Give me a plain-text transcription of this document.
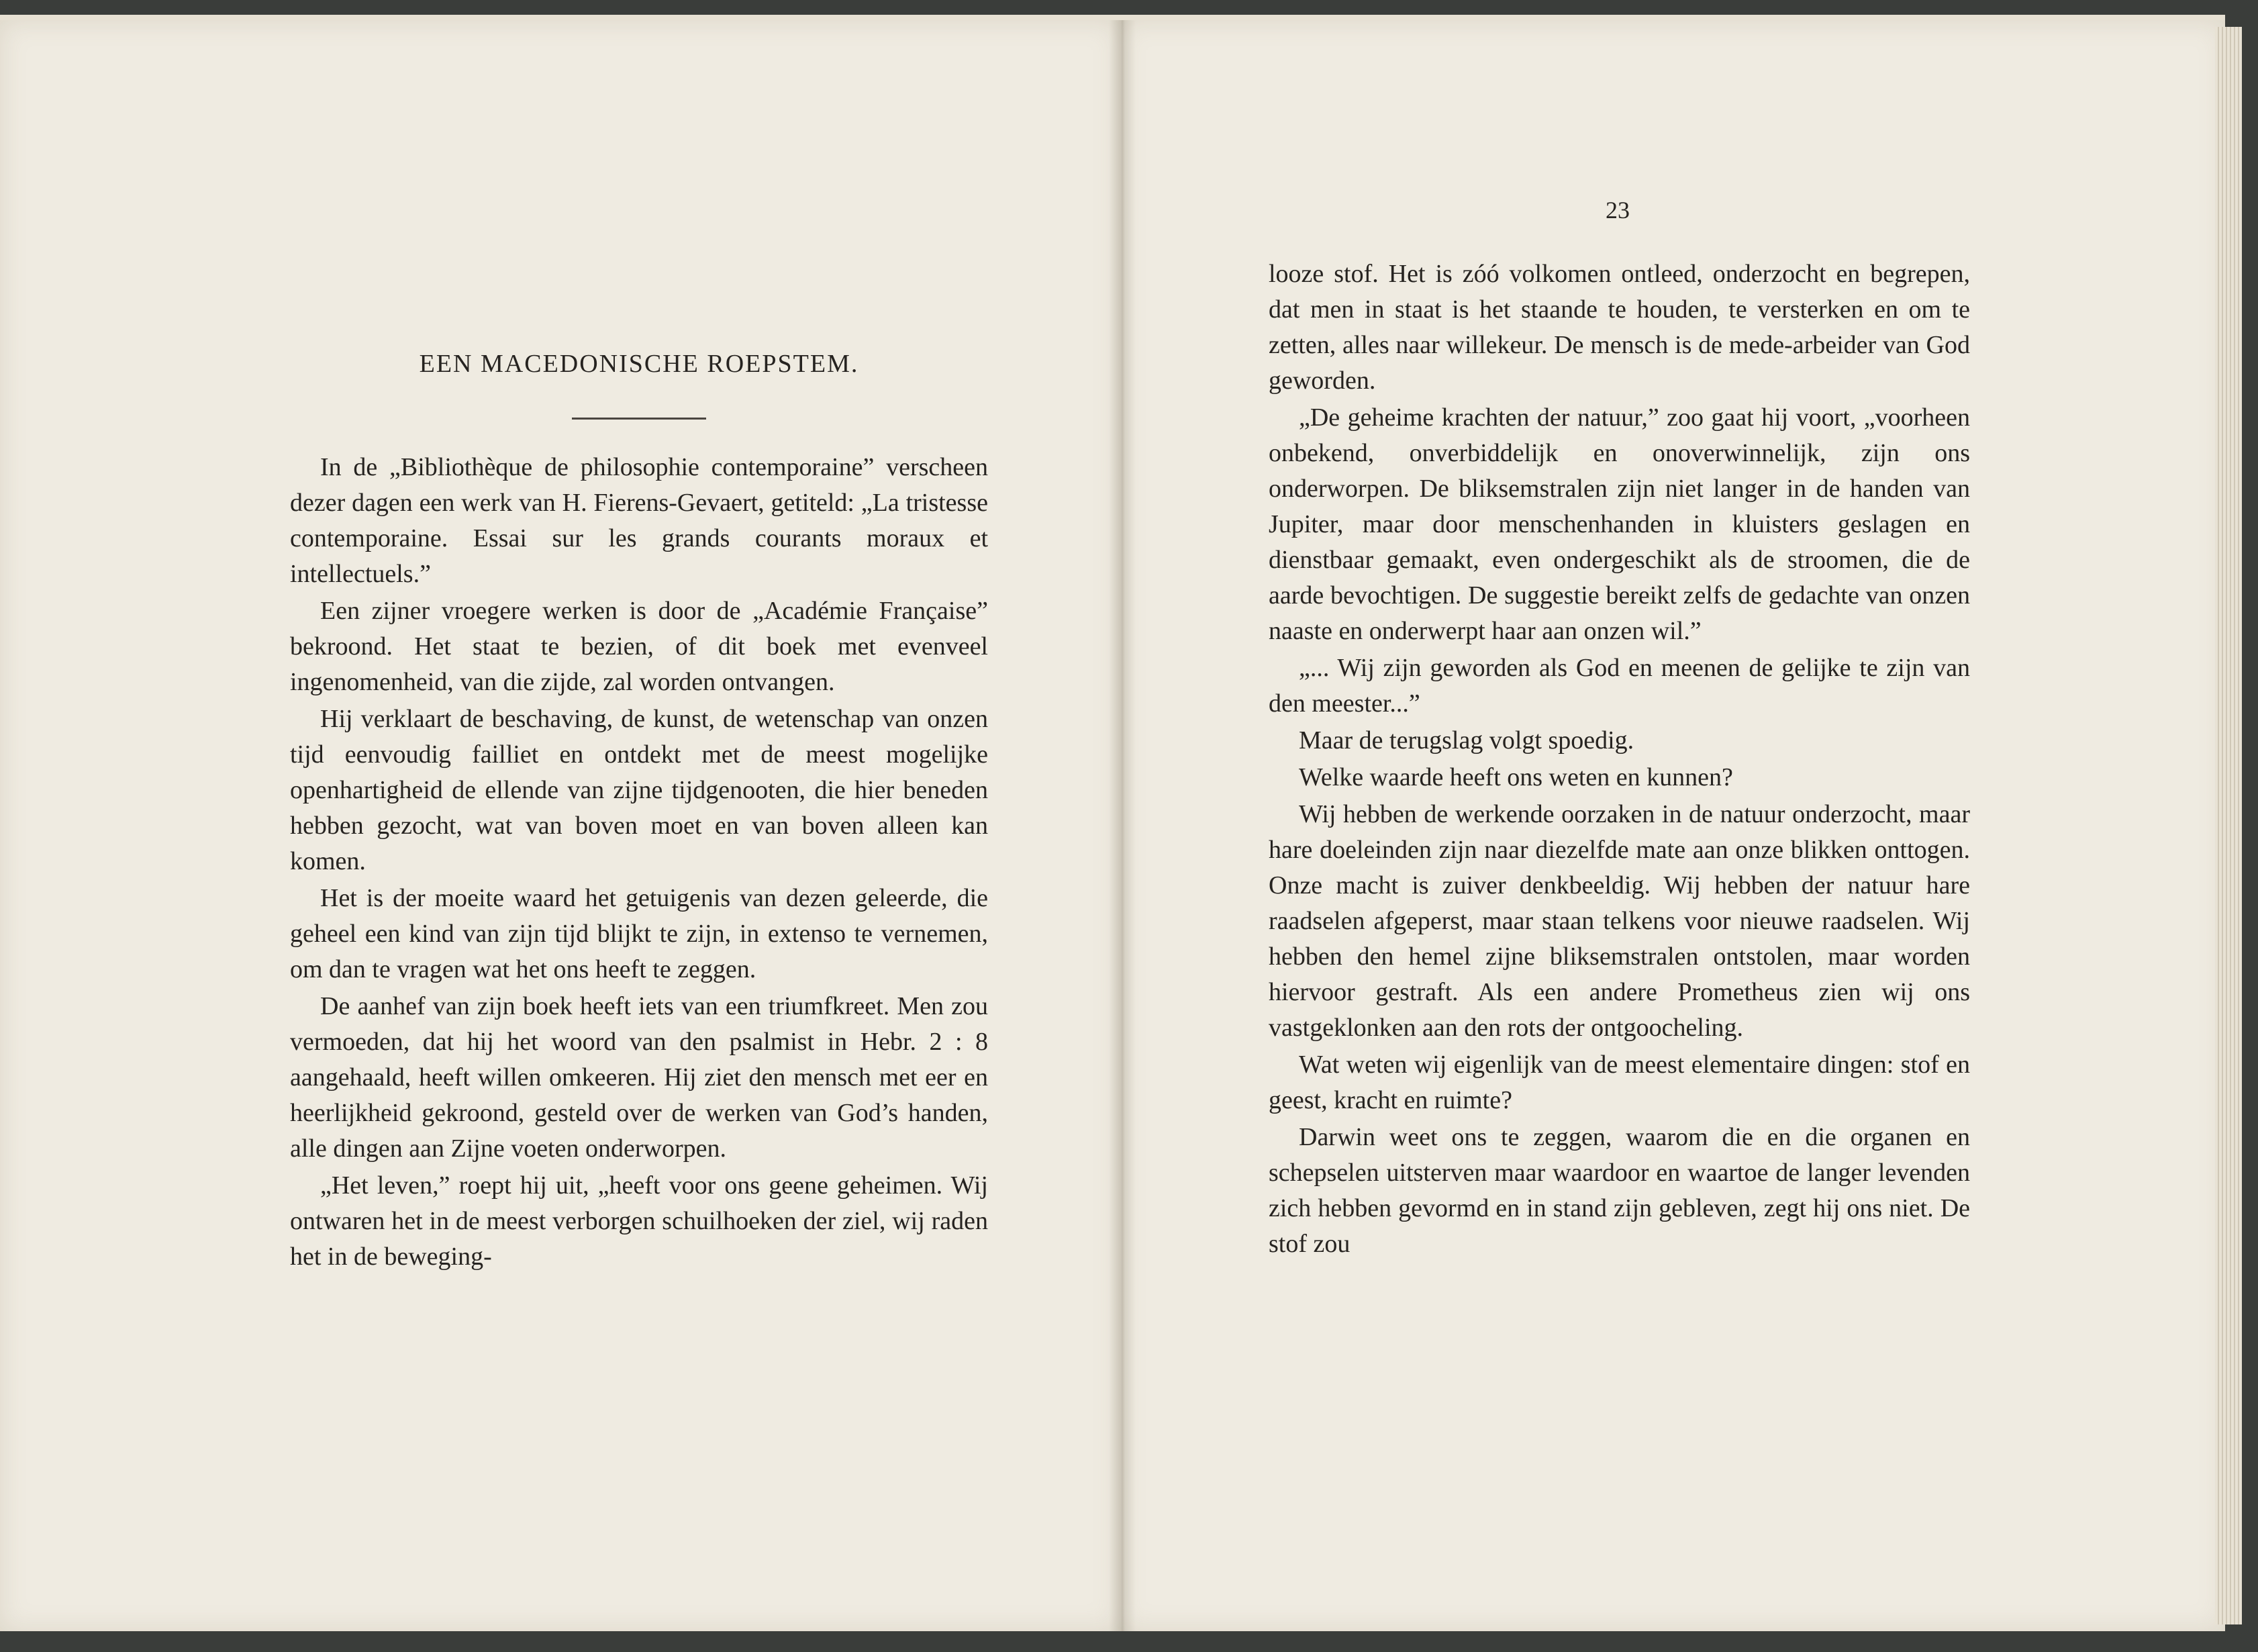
EEN MACEDONISCHE ROEPSTEM.

In de „Bibliothèque de philosophie contemporaine” verscheen dezer dagen een werk van H. Fierens-Gevaert, getiteld: „La tristesse contemporaine. Essai sur les grands courants moraux et intellectuels.”

Een zijner vroegere werken is door de „Académie Française” bekroond. Het staat te bezien, of dit boek met evenveel ingenomenheid, van die zijde, zal worden ontvangen.

Hij verklaart de beschaving, de kunst, de wetenschap van onzen tijd eenvoudig failliet en ontdekt met de meest mogelijke openhartigheid de ellende van zijne tijdgenooten, die hier beneden hebben gezocht, wat van boven moet en van boven alleen kan komen.

Het is der moeite waard het getuigenis van dezen geleerde, die geheel een kind van zijn tijd blijkt te zijn, in extenso te vernemen, om dan te vragen wat het ons heeft te zeggen.

De aanhef van zijn boek heeft iets van een triumfkreet. Men zou vermoeden, dat hij het woord van den psalmist in Hebr. 2 : 8 aangehaald, heeft willen omkeeren. Hij ziet den mensch met eer en heerlijkheid gekroond, gesteld over de werken van God’s handen, alle dingen aan Zijne voeten onderworpen.

„Het leven,” roept hij uit, „heeft voor ons geene geheimen. Wij ontwaren het in de meest verborgen schuilhoeken der ziel, wij raden het in de beweging-

23

looze stof. Het is zóó volkomen ontleed, onderzocht en begrepen, dat men in staat is het staande te houden, te versterken en om te zetten, alles naar willekeur. De mensch is de mede-arbeider van God geworden.

„De geheime krachten der natuur,” zoo gaat hij voort, „voorheen onbekend, onverbiddelijk en onoverwinnelijk, zijn ons onderworpen. De bliksemstralen zijn niet langer in de handen van Jupiter, maar door menschenhanden in kluisters geslagen en dienstbaar gemaakt, even ondergeschikt als de stroomen, die de aarde bevochtigen. De suggestie bereikt zelfs de gedachte van onzen naaste en onderwerpt haar aan onzen wil.”

„... Wij zijn geworden als God en meenen de gelijke te zijn van den meester...”

Maar de terugslag volgt spoedig.

Welke waarde heeft ons weten en kunnen?

Wij hebben de werkende oorzaken in de natuur onderzocht, maar hare doeleinden zijn naar diezelfde mate aan onze blikken onttogen. Onze macht is zuiver denkbeeldig. Wij hebben der natuur hare raadselen afgeperst, maar staan telkens voor nieuwe raadselen. Wij hebben den hemel zijne bliksemstralen ontstolen, maar worden hiervoor gestraft. Als een andere Prometheus zien wij ons vastgeklonken aan den rots der ontgoocheling.

Wat weten wij eigenlijk van de meest elementaire dingen: stof en geest, kracht en ruimte?

Darwin weet ons te zeggen, waarom die en die organen en schepselen uitsterven maar waardoor en waartoe de langer levenden zich hebben gevormd en in stand zijn gebleven, zegt hij ons niet. De stof zou
